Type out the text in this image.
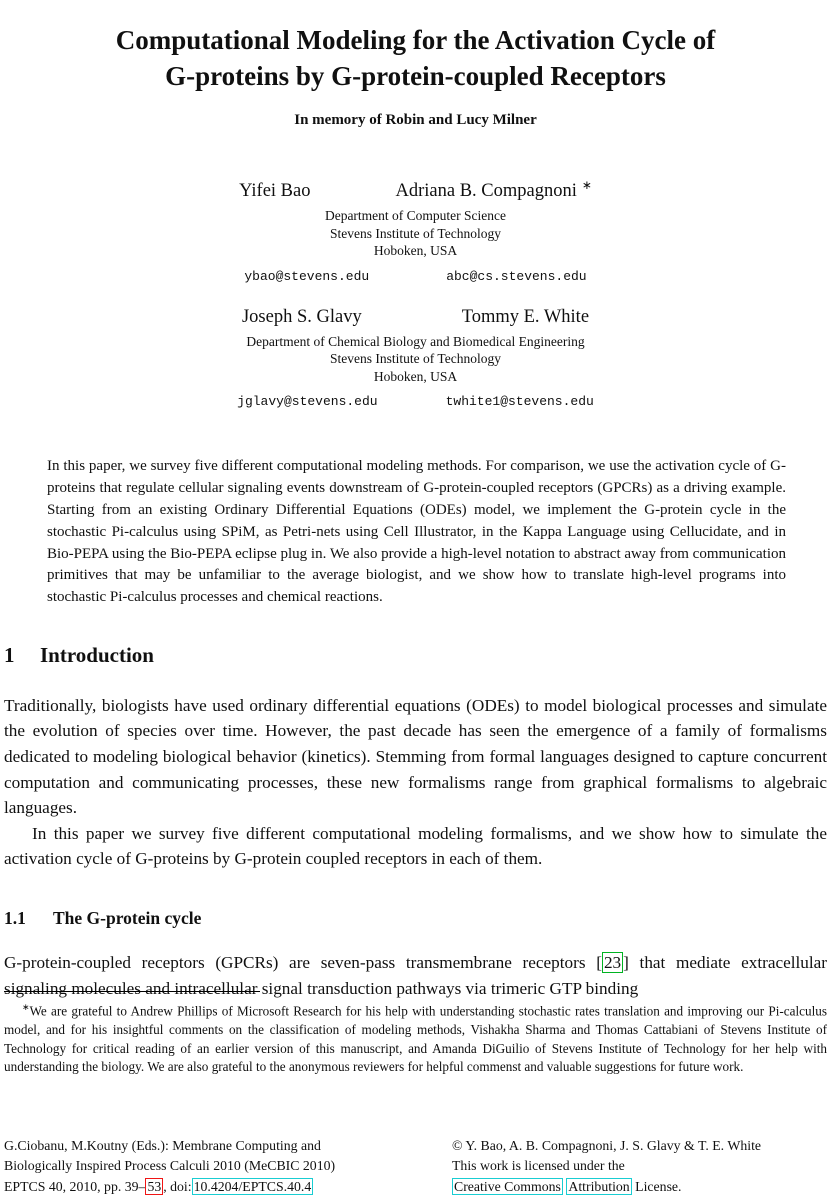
Computational Modeling for the Activation Cycle of
G-proteins by G-protein-coupled Receptors
In memory of Robin and Lucy Milner
Yifei Bao	Adriana B. Compagnoni ∗
Department of Computer Science
Stevens Institute of Technology
Hoboken, USA
ybao@stevens.edu	abc@cs.stevens.edu
Joseph S. Glavy	Tommy E. White
Department of Chemical Biology and Biomedical Engineering
Stevens Institute of Technology
Hoboken, USA
jglavy@stevens.edu	twhite1@stevens.edu
In this paper, we survey five different computational modeling methods. For comparison, we use the activation cycle of G-proteins that regulate cellular signaling events downstream of G-protein-coupled receptors (GPCRs) as a driving example. Starting from an existing Ordinary Differential Equations (ODEs) model, we implement the G-protein cycle in the stochastic Pi-calculus using SPiM, as Petri-nets using Cell Illustrator, in the Kappa Language using Cellucidate, and in Bio-PEPA using the Bio-PEPA eclipse plug in. We also provide a high-level notation to abstract away from communication primitives that may be unfamiliar to the average biologist, and we show how to translate high-level programs into stochastic Pi-calculus processes and chemical reactions.
1 Introduction

Traditionally, biologists have used ordinary differential equations (ODEs) to model biological processes and simulate the evolution of species over time. However, the past decade has seen the emergence of a family of formalisms dedicated to modeling biological behavior (kinetics). Stemming from formal languages designed to capture concurrent computation and communicating processes, these new formalisms range from graphical formalisms to algebraic languages.

In this paper we survey five different computational modeling formalisms, and we show how to simulate the activation cycle of G-proteins by G-protein coupled receptors in each of them.

1.1 The G-protein cycle

G-protein-coupled receptors (GPCRs) are seven-pass transmembrane receptors [ 23 ] that mediate extracellular signaling molecules and intracellular signal transduction pathways via trimeric GTP binding

∗We are grateful to Andrew Phillips of Microsoft Research for his help with understanding stochastic rates translation and improving our Pi-calculus model, and for his insightful comments on the classification of modeling methods, Vishakha Sharma and Thomas Cattabiani of Stevens Institute of Technology for critical reading of an earlier version of this manuscript, and Amanda DiGuilio of Stevens Institute of Technology for her help with understanding the biology. We are also grateful to the anonymous reviewers for helpful commenst and valuable suggestions for future work.
G.Ciobanu, M.Koutny (Eds.): Membrane Computing and
Biologically Inspired Process Calculi 2010 (MeCBIC 2010)
EPTCS 40, 2010, pp. 39– 53 , doi: 10.4204/EPTCS.40.4
© Y. Bao, A. B. Compagnoni, J. S. Glavy & T. E. White
This work is licensed under the
Creative Commons Attribution License.
